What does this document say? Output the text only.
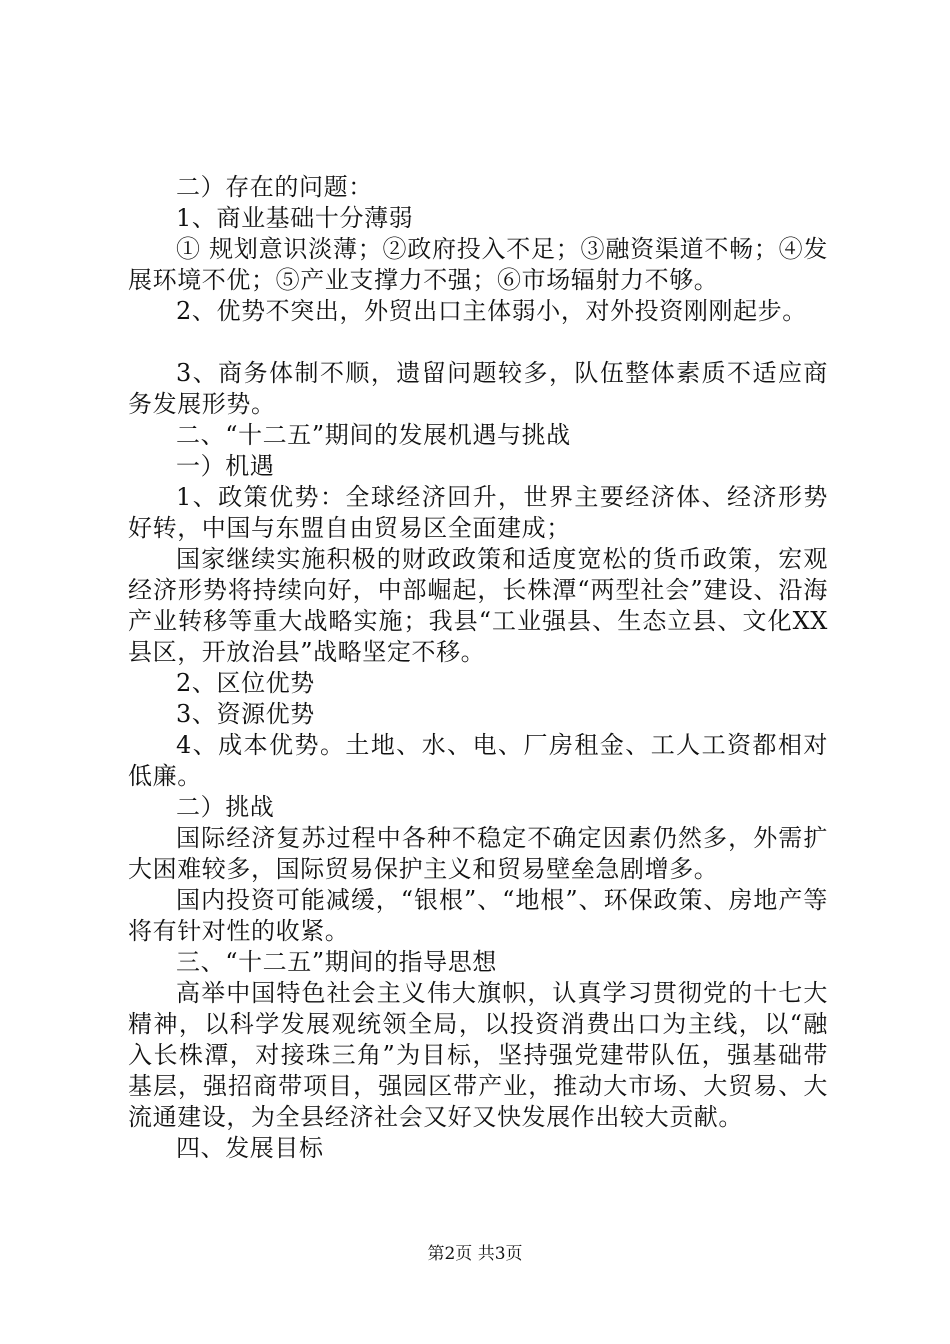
二）存在的问题：

1、商业基础十分薄弱

① 规划意识淡薄；②政府投入不足；③融资渠道不畅；④发展环境不优；⑤产业支撑力不强；⑥市场辐射力不够。

2、优势不突出，外贸出口主体弱小，对外投资刚刚起步。

3、商务体制不顺，遗留问题较多，队伍整体素质不适应商务发展形势。

二、“十二五”期间的发展机遇与挑战

一）机遇

1、政策优势：全球经济回升，世界主要经济体、经济形势好转，中国与东盟自由贸易区全面建成；

国家继续实施积极的财政政策和适度宽松的货币政策，宏观经济形势将持续向好，中部崛起，长株潭“两型社会”建设、沿海产业转移等重大战略实施；我县“工业强县、生态立县、文化XX县区，开放治县”战略坚定不移。

2、区位优势

3、资源优势

4、成本优势。土地、水、电、厂房租金、工人工资都相对低廉。

二）挑战

国际经济复苏过程中各种不稳定不确定因素仍然多，外需扩大困难较多，国际贸易保护主义和贸易壁垒急剧增多。

国内投资可能减缓，“银根”、“地根”、环保政策、房地产等将有针对性的收紧。

三、“十二五”期间的指导思想

高举中国特色社会主义伟大旗帜，认真学习贯彻党的十七大精神，以科学发展观统领全局，以投资消费出口为主线，以“融入长株潭，对接珠三角”为目标，坚持强党建带队伍，强基础带基层，强招商带项目，强园区带产业，推动大市场、大贸易、大流通建设，为全县经济社会又好又快发展作出较大贡献。

四、发展目标

第2页 共3页
